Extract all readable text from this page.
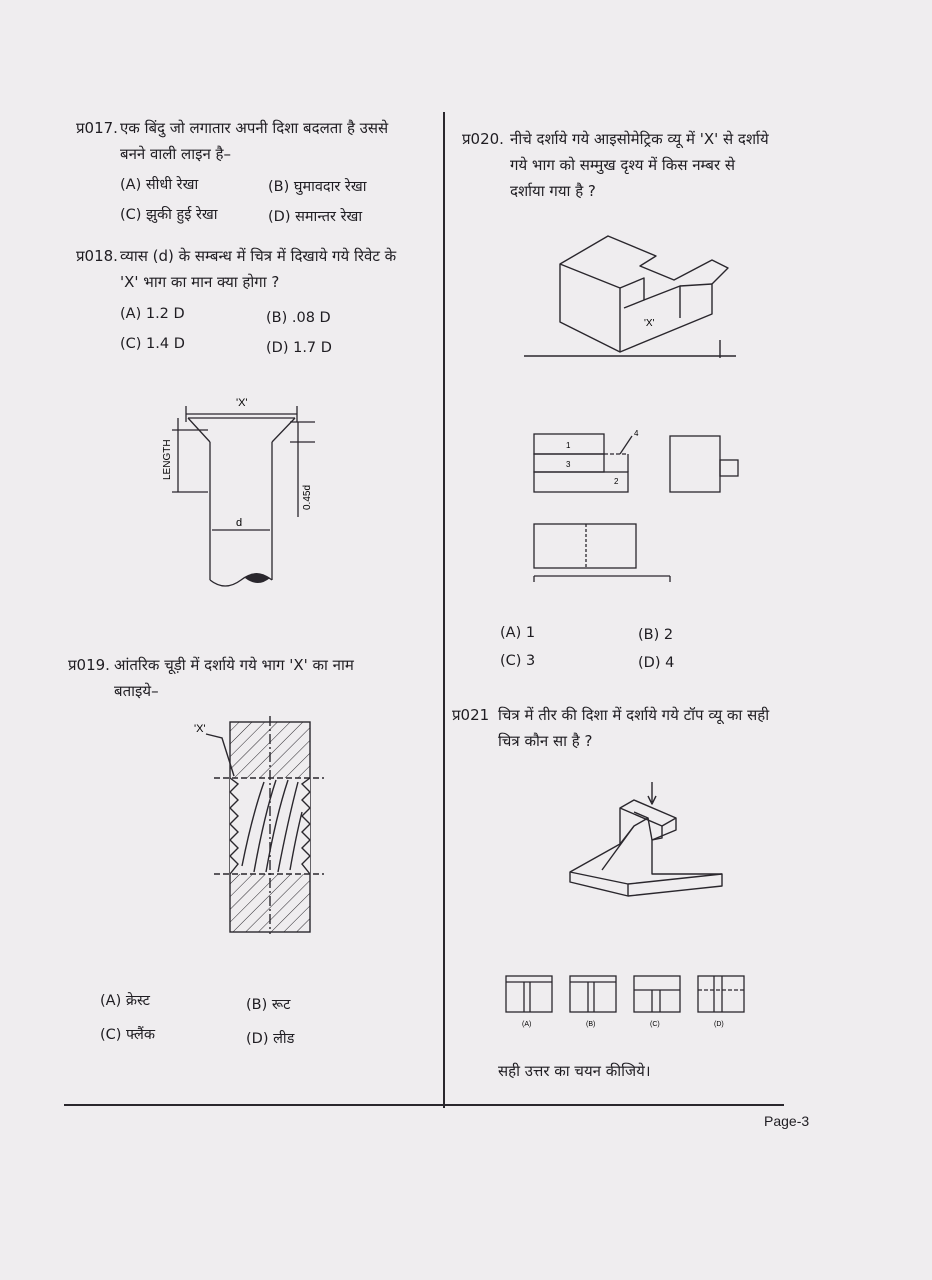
Page-3
प्र017. एक बिंदु जो लगातार अपनी दिशा बदलता है उससे
बनने वाली लाइन है–
(A) सीधी रेखा	(B) घुमावदार रेखा
(C) झुकी हुई रेखा	(D) समान्तर रेखा
प्र018. व्यास (d) के सम्बन्ध में चित्र में दिखाये गये रिवेट के
'X' भाग का मान क्या होगा ?
(A) 1.2 D	(B) .08 D
(C) 1.4 D	(D) 1.7 D
'X'
LENGTH
d
0.45d
प्र019. आंतरिक चूड़ी में दर्शाये गये भाग 'X' का नाम
बताइये–
'X'
(A) क्रेस्ट	(B) रूट
(C) फ्लैंक	(D) लीड
प्र020. नीचे दर्शाये गये आइसोमेट्रिक व्यू में 'X' से दर्शाये
गये भाग को सम्मुख दृश्य में किस नम्बर से
दर्शाया गया है ?
'X'
1
3
2
4
(A) 1	(B) 2
(C) 3	(D) 4
प्र021 चित्र में तीर की दिशा में दर्शाये गये टॉप व्यू का सही
चित्र कौन सा है ?
(A)	(B)	(C)	(D)
सही उत्तर का चयन कीजिये।
